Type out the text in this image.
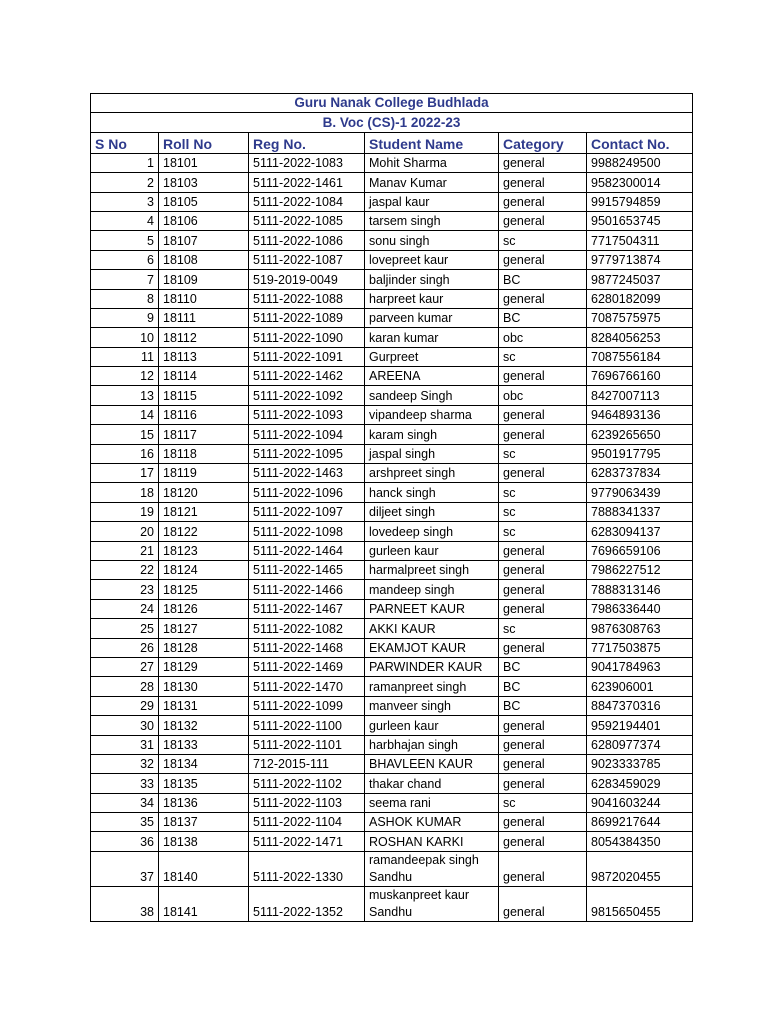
Guru Nanak College Budhlada					
B. Voc (CS)-1 2022-23					
S No	Roll No	Reg No.	Student Name	Category	Contact No.
1	18101	5111-2022-1083	Mohit Sharma	general	9988249500
2	18103	5111-2022-1461	Manav Kumar	general	9582300014
3	18105	5111-2022-1084	jaspal kaur	general	9915794859
4	18106	5111-2022-1085	tarsem singh	general	9501653745
5	18107	5111-2022-1086	sonu singh	sc	7717504311
6	18108	5111-2022-1087	lovepreet kaur	general	9779713874
7	18109	519-2019-0049	baljinder singh	BC	9877245037
8	18110	5111-2022-1088	harpreet kaur	general	6280182099
9	18111	5111-2022-1089	parveen kumar	BC	7087575975
10	18112	5111-2022-1090	karan kumar	obc	8284056253
11	18113	5111-2022-1091	Gurpreet	sc	7087556184
12	18114	5111-2022-1462	AREENA	general	7696766160
13	18115	5111-2022-1092	sandeep Singh	obc	8427007113
14	18116	5111-2022-1093	vipandeep sharma	general	9464893136
15	18117	5111-2022-1094	karam singh	general	6239265650
16	18118	5111-2022-1095	jaspal singh	sc	9501917795
17	18119	5111-2022-1463	arshpreet singh	general	6283737834
18	18120	5111-2022-1096	hanck singh	sc	9779063439
19	18121	5111-2022-1097	diljeet singh	sc	7888341337
20	18122	5111-2022-1098	lovedeep singh	sc	6283094137
21	18123	5111-2022-1464	gurleen kaur	general	7696659106
22	18124	5111-2022-1465	harmalpreet singh	general	7986227512
23	18125	5111-2022-1466	mandeep singh	general	7888313146
24	18126	5111-2022-1467	PARNEET KAUR	general	7986336440
25	18127	5111-2022-1082	AKKI KAUR	sc	9876308763
26	18128	5111-2022-1468	EKAMJOT KAUR	general	7717503875
27	18129	5111-2022-1469	PARWINDER KAUR	BC	9041784963
28	18130	5111-2022-1470	ramanpreet singh	BC	623906001
29	18131	5111-2022-1099	manveer singh	BC	8847370316
30	18132	5111-2022-1100	gurleen kaur	general	9592194401
31	18133	5111-2022-1101	harbhajan singh	general	6280977374
32	18134	712-2015-111	BHAVLEEN KAUR	general	9023333785
33	18135	5111-2022-1102	thakar chand	general	6283459029
34	18136	5111-2022-1103	seema rani	sc	9041603244
35	18137	5111-2022-1104	ASHOK KUMAR	general	8699217644
36	18138	5111-2022-1471	ROSHAN KARKI	general	8054384350
37	18140	5111-2022-1330	ramandeepak singh Sandhu	general	9872020455
38	18141	5111-2022-1352	muskanpreet kaur Sandhu	general	9815650455
